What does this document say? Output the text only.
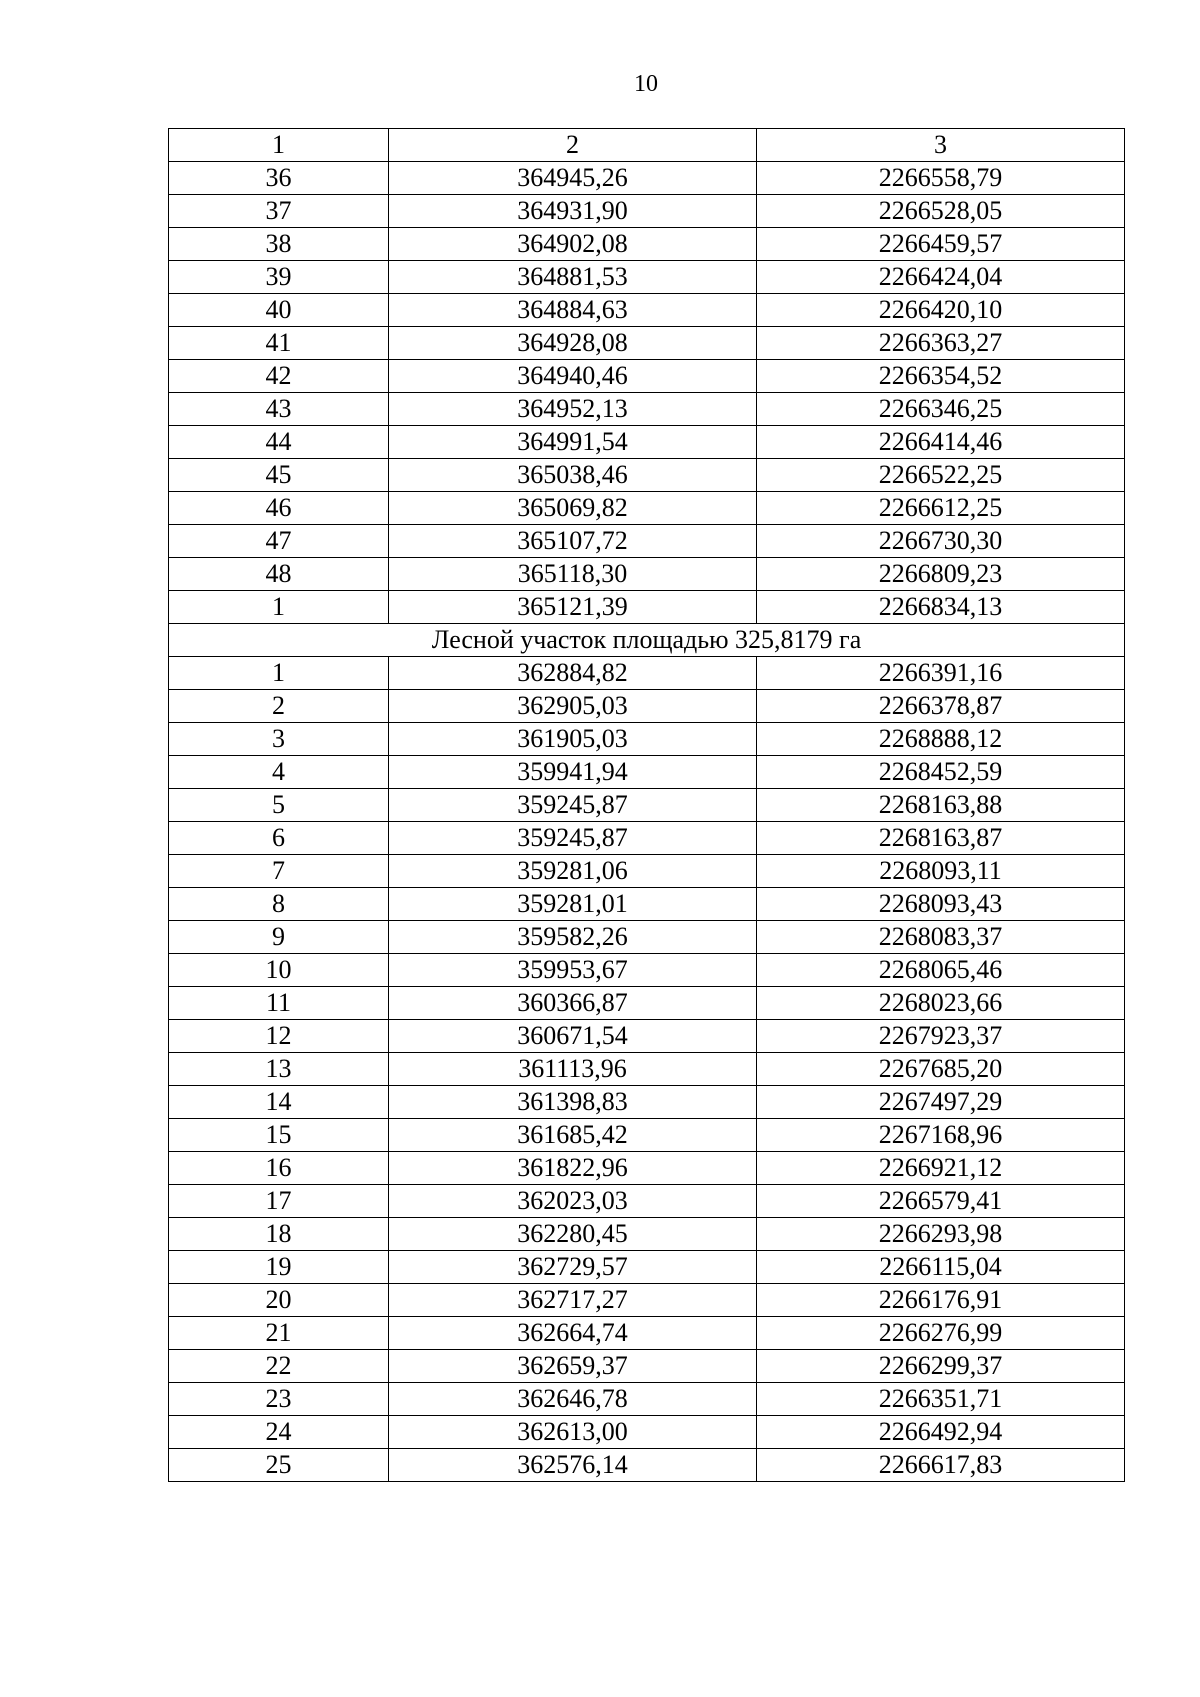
10
1	2	3
36	364945,26	2266558,79
37	364931,90	2266528,05
38	364902,08	2266459,57
39	364881,53	2266424,04
40	364884,63	2266420,10
41	364928,08	2266363,27
42	364940,46	2266354,52
43	364952,13	2266346,25
44	364991,54	2266414,46
45	365038,46	2266522,25
46	365069,82	2266612,25
47	365107,72	2266730,30
48	365118,30	2266809,23
1	365121,39	2266834,13
Лесной участок площадью 325,8179 га		
1	362884,82	2266391,16
2	362905,03	2266378,87
3	361905,03	2268888,12
4	359941,94	2268452,59
5	359245,87	2268163,88
6	359245,87	2268163,87
7	359281,06	2268093,11
8	359281,01	2268093,43
9	359582,26	2268083,37
10	359953,67	2268065,46
11	360366,87	2268023,66
12	360671,54	2267923,37
13	361113,96	2267685,20
14	361398,83	2267497,29
15	361685,42	2267168,96
16	361822,96	2266921,12
17	362023,03	2266579,41
18	362280,45	2266293,98
19	362729,57	2266115,04
20	362717,27	2266176,91
21	362664,74	2266276,99
22	362659,37	2266299,37
23	362646,78	2266351,71
24	362613,00	2266492,94
25	362576,14	2266617,83
